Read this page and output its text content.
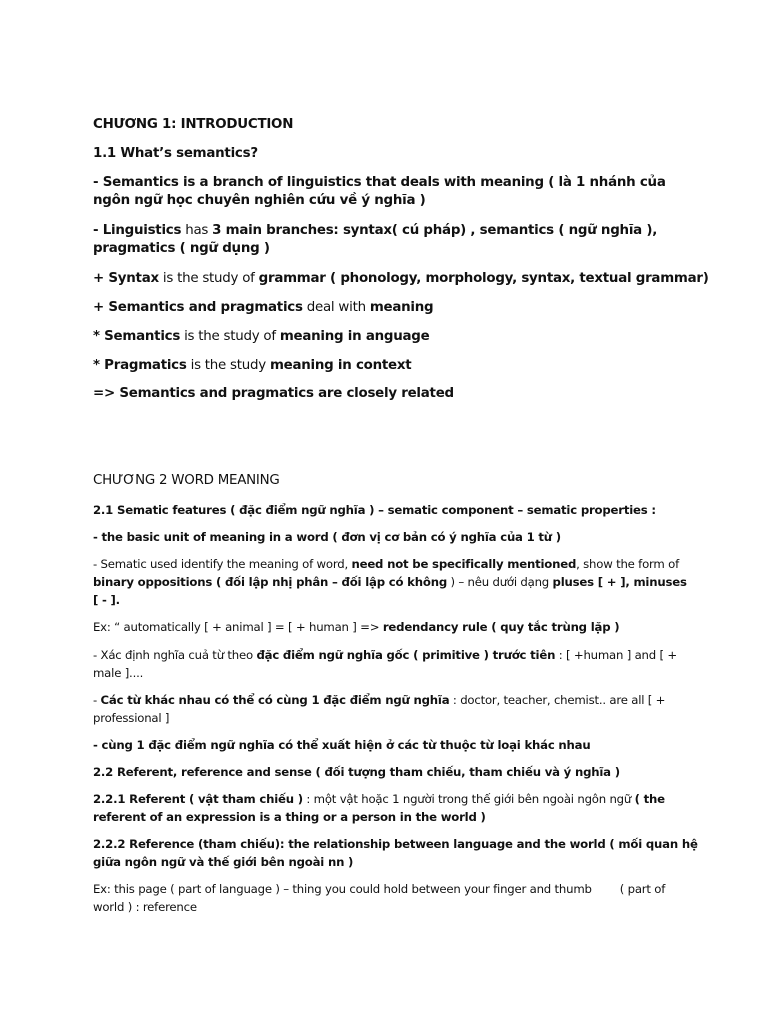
CHƯƠNG 1: INTRODUCTION
1.1 What’s semantics?
- Semantics is a branch of linguistics that deals with meaning ( là 1 nhánh của ngôn ngữ học chuyên nghiên cứu về ý nghĩa )
- Linguistics has 3 main branches: syntax( cú pháp) , semantics ( ngữ nghĩa ), pragmatics ( ngữ dụng )
+ Syntax is the study of grammar ( phonology, morphology, syntax, textual grammar)
+ Semantics and pragmatics deal with meaning
* Semantics is the study of meaning in anguage
* Pragmatics is the study meaning in context
=> Semantics and pragmatics are closely related
CHƯƠNG 2 WORD MEANING
2.1 Sematic features ( đặc điểm ngữ nghĩa ) – sematic component – sematic properties :
- the basic unit of meaning in a word ( đơn vị cơ bản có ý nghĩa của 1 từ )
- Sematic used identify the meaning of word, need not be specifically mentioned, show the form of
binary oppositions ( đối lập nhị phân – đối lập có không ) – nêu dưới dạng pluses [ + ], minuses
[ - ].
Ex: “ automatically [ + animal ] = [ + human ] => redendancy rule ( quy tắc trùng lặp )
- Xác định nghĩa cuả từ theo đặc điểm ngữ nghĩa gốc ( primitive ) trước tiên : [ +human ] and [ +
male ]....
- Các từ khác nhau có thể có cùng 1 đặc điểm ngữ nghĩa : doctor, teacher, chemist.. are all [ +
professional ]
- cùng 1 đặc điểm ngữ nghĩa có thể xuất hiện ở các từ thuộc từ loại khác nhau
2.2 Referent, reference and sense ( đối tượng tham chiếu, tham chiếu và ý nghĩa )
2.2.1 Referent ( vật tham chiếu ) : một vật hoặc 1 người trong thế giới bên ngoài ngôn ngữ ( the
referent of an expression is a thing or a person in the world )
2.2.2 Reference (tham chiếu): the relationship between language and the world ( mối quan hệ
giữa ngôn ngữ và thế giới bên ngoài nn )
Ex: this page ( part of language ) – thing you could hold between your finger and thumb ( part of
world ) : reference
